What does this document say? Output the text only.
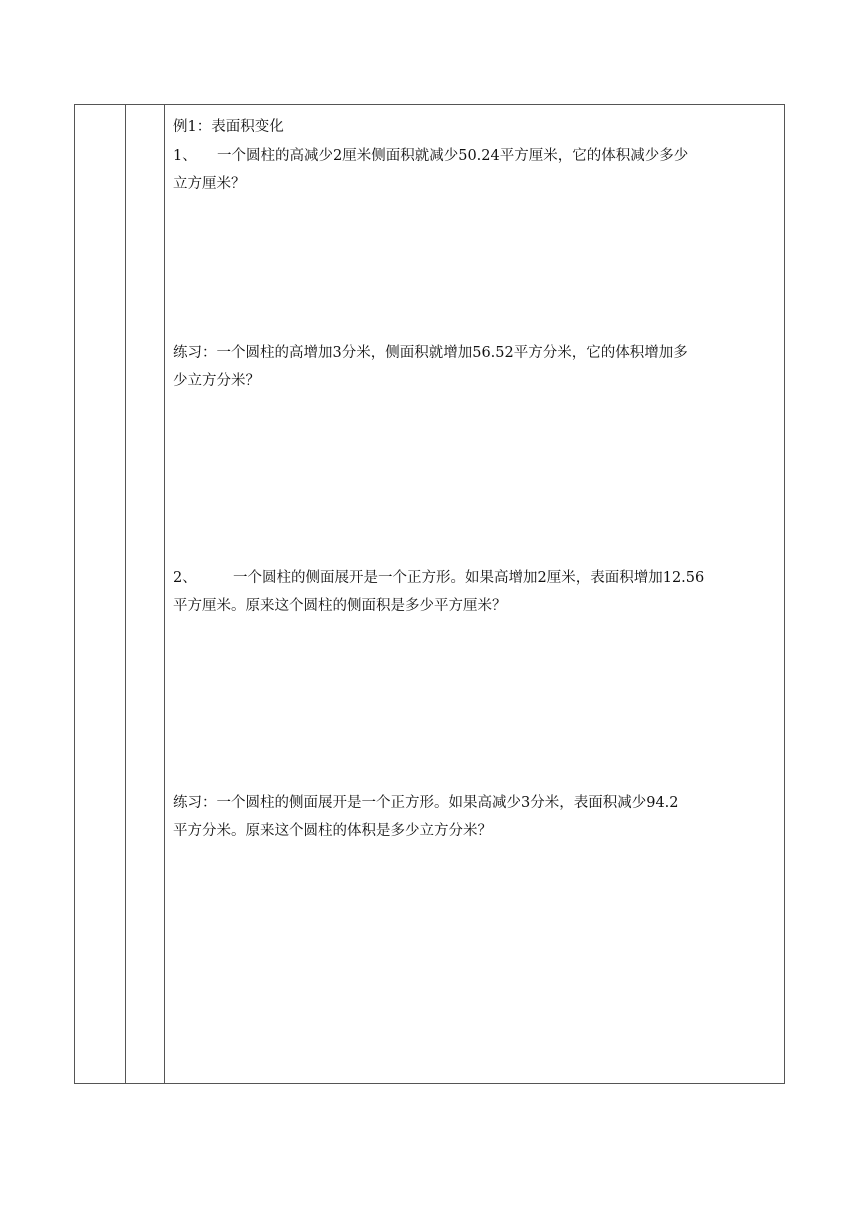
例1：表面积变化

1、 一个圆柱的高减少2厘米侧面积就减少50.24平方厘米，它的体积减少多少
立方厘米？

练习：一个圆柱的高增加3分米，侧面积就增加56.52平方分米，它的体积增加多
少立方分米？

2、	一个圆柱的侧面展开是一个正方形。如果高增加2厘米，表面积增加12.56
平方厘米。原来这个圆柱的侧面积是多少平方厘米？

练习：一个圆柱的侧面展开是一个正方形。如果高减少3分米，表面积减少94.2
平方分米。原来这个圆柱的体积是多少立方分米？
